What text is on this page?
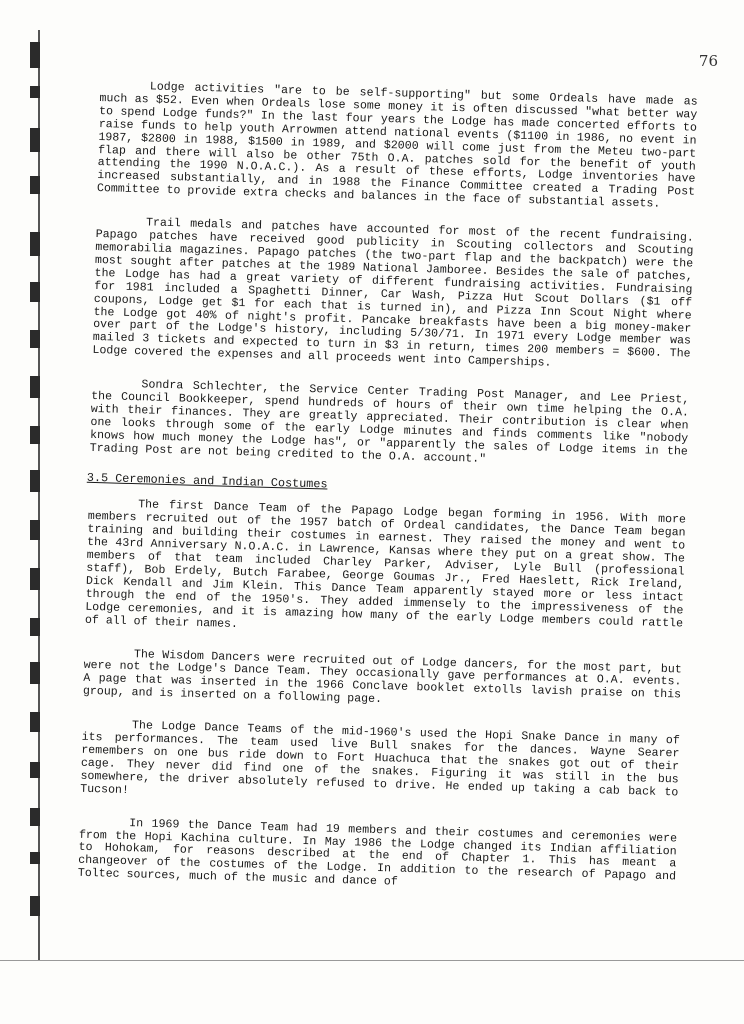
76

Lodge activities "are to be self-supporting" but some Ordeals have made as much as $52. Even when Ordeals lose some money it is often discussed "what better way to spend Lodge funds?" In the last four years the Lodge has made concerted efforts to raise funds to help youth Arrowmen attend national events ($1100 in 1986, no event in 1987, $2800 in 1988, $1500 in 1989, and $2000 will come just from the Meteu two-part flap and there will also be other 75th O.A. patches sold for the benefit of youth attending the 1990 N.O.A.C.). As a result of these efforts, Lodge inventories have increased substantially, and in 1988 the Finance Committee created a Trading Post Committee to provide extra checks and balances in the face of substantial assets.

Trail medals and patches have accounted for most of the recent fundraising. Papago patches have received good publicity in Scouting collectors and Scouting memorabilia magazines. Papago patches (the two-part flap and the backpatch) were the most sought after patches at the 1989 National Jamboree. Besides the sale of patches, the Lodge has had a great variety of different fundraising activities. Fundraising for 1981 included a Spaghetti Dinner, Car Wash, Pizza Hut Scout Dollars ($1 off coupons, Lodge get $1 for each that is turned in), and Pizza Inn Scout Night where the Lodge got 40% of night's profit. Pancake breakfasts have been a big money-maker over part of the Lodge's history, including 5/30/71. In 1971 every Lodge member was mailed 3 tickets and expected to turn in $3 in return, times 200 members = $600. The Lodge covered the expenses and all proceeds went into Camperships.

Sondra Schlechter, the Service Center Trading Post Manager, and Lee Priest, the Council Bookkeeper, spend hundreds of hours of their own time helping the O.A. with their finances. They are greatly appreciated. Their contribution is clear when one looks through some of the early Lodge minutes and finds comments like "nobody knows how much money the Lodge has", or "apparently the sales of Lodge items in the Trading Post are not being credited to the O.A. account."

3.5 Ceremonies and Indian Costumes

The first Dance Team of the Papago Lodge began forming in 1956. With more members recruited out of the 1957 batch of Ordeal candidates, the Dance Team began training and building their costumes in earnest. They raised the money and went to the 43rd Anniversary N.O.A.C. in Lawrence, Kansas where they put on a great show. The members of that team included Charley Parker, Adviser, Lyle Bull (professional staff), Bob Erdely, Butch Farabee, George Goumas Jr., Fred Haeslett, Rick Ireland, Dick Kendall and Jim Klein. This Dance Team apparently stayed more or less intact through the end of the 1950's. They added immensely to the impressiveness of the Lodge ceremonies, and it is amazing how many of the early Lodge members could rattle of all of their names.

The Wisdom Dancers were recruited out of Lodge dancers, for the most part, but were not the Lodge's Dance Team. They occasionally gave performances at O.A. events. A page that was inserted in the 1966 Conclave booklet extolls lavish praise on this group, and is inserted on a following page.

The Lodge Dance Teams of the mid-1960's used the Hopi Snake Dance in many of its performances. The team used live Bull snakes for the dances. Wayne Searer remembers on one bus ride down to Fort Huachuca that the snakes got out of their cage. They never did find one of the snakes. Figuring it was still in the bus somewhere, the driver absolutely refused to drive. He ended up taking a cab back to Tucson!

In 1969 the Dance Team had 19 members and their costumes and ceremonies were from the Hopi Kachina culture. In May 1986 the Lodge changed its Indian affiliation to Hohokam, for reasons described at the end of Chapter 1. This has meant a changeover of the costumes of the Lodge. In addition to the research of Papago and Toltec sources, much of the music and dance of
